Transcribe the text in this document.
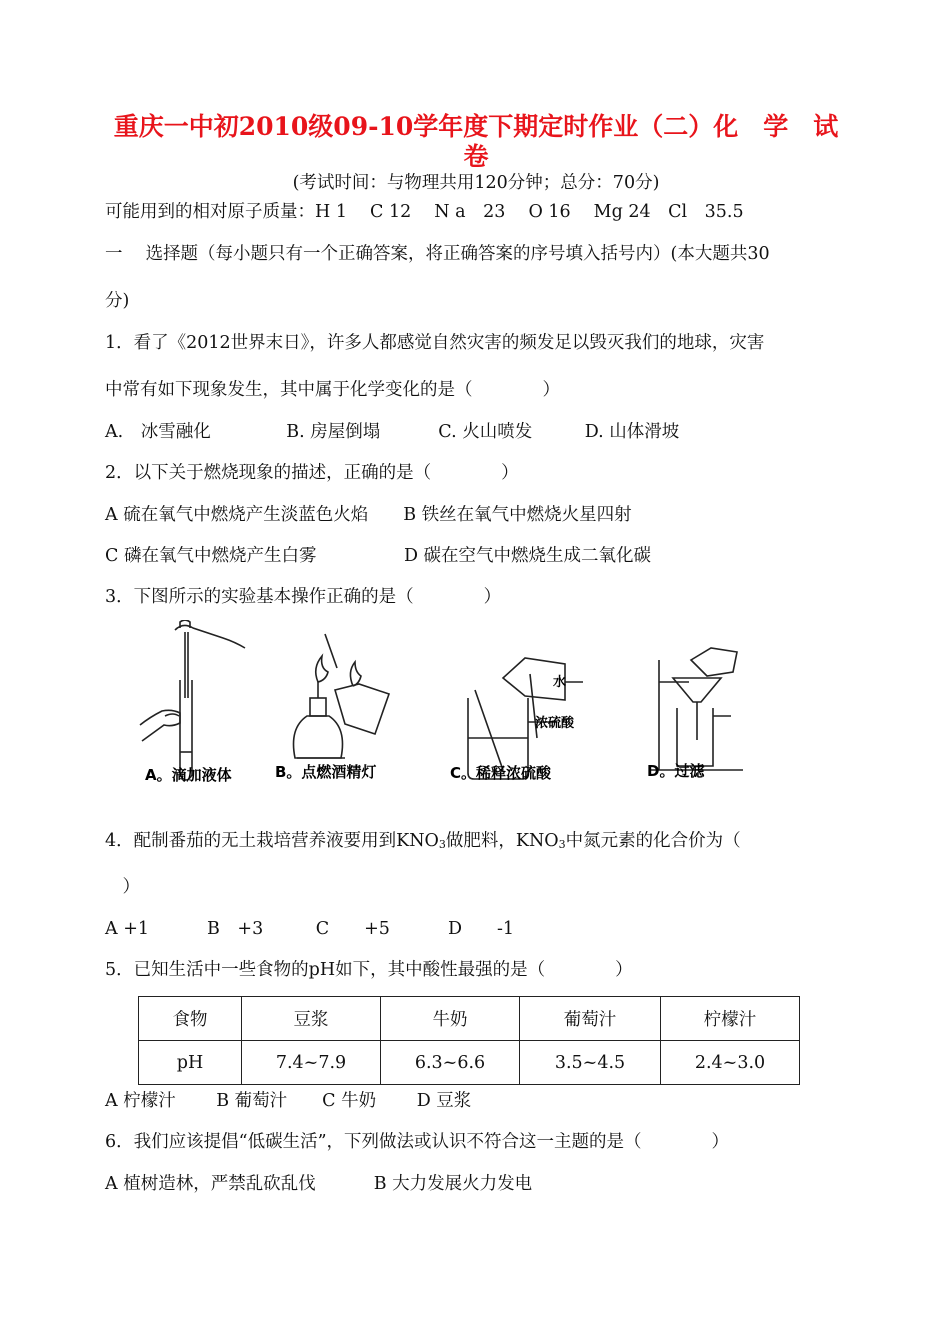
重庆一中初2010级09-10学年度下期定时作业（二）化　学　试
卷
(考试时间：与物理共用120分钟；总分：70分)
可能用到的相对原子质量：H 1　 C 12　 N a　23　 O 16　 Mg 24　Cl　35.5
一　 选择题（每小题只有一个正确答案，将正确答案的序号填入括号内）(本大题共30
分)
1．看了《2012世界末日》，许多人都感觉自然灾害的频发足以毁灭我们的地球，灾害
中常有如下现象发生，其中属于化学变化的是（　　　　）
A.　冰雪融化　　　　 B. 房屋倒塌　　　 C. 火山喷发　　　D. 山体滑坡
2．以下关于燃烧现象的描述，正确的是（　　　　）
A 硫在氧气中燃烧产生淡蓝色火焰　　B 铁丝在氧气中燃烧火星四射
C 磷在氧气中燃烧产生白雾　　　　　D 碳在空气中燃烧生成二氧化碳
3．下图所示的实验基本操作正确的是（　　　　）
水
浓硫酸
A。滴加液体	B。点燃酒精灯	C。稀释浓硫酸	D。过滤
4．配制番茄的无土栽培营养液要用到$KNO_3$做肥料，$KNO_3$中氮元素的化合价为（
　）
A +1　　　 B　+3　　　C　　+5　　　 D　　-1
5．已知生活中一些食物的pH如下，其中酸性最强的是（　　　　）
食物	豆浆	牛奶	葡萄汁	柠檬汁
pH	7.4~7.9	6.3~6.6	3.5~4.5	2.4~3.0
A 柠檬汁　　 B 葡萄汁　　C 牛奶　　 D 豆浆
6．我们应该提倡“低碳生活”，下列做法或认识不符合这一主题的是（　　　　）
A 植树造林，严禁乱砍乱伐　　　 B 大力发展火力发电
